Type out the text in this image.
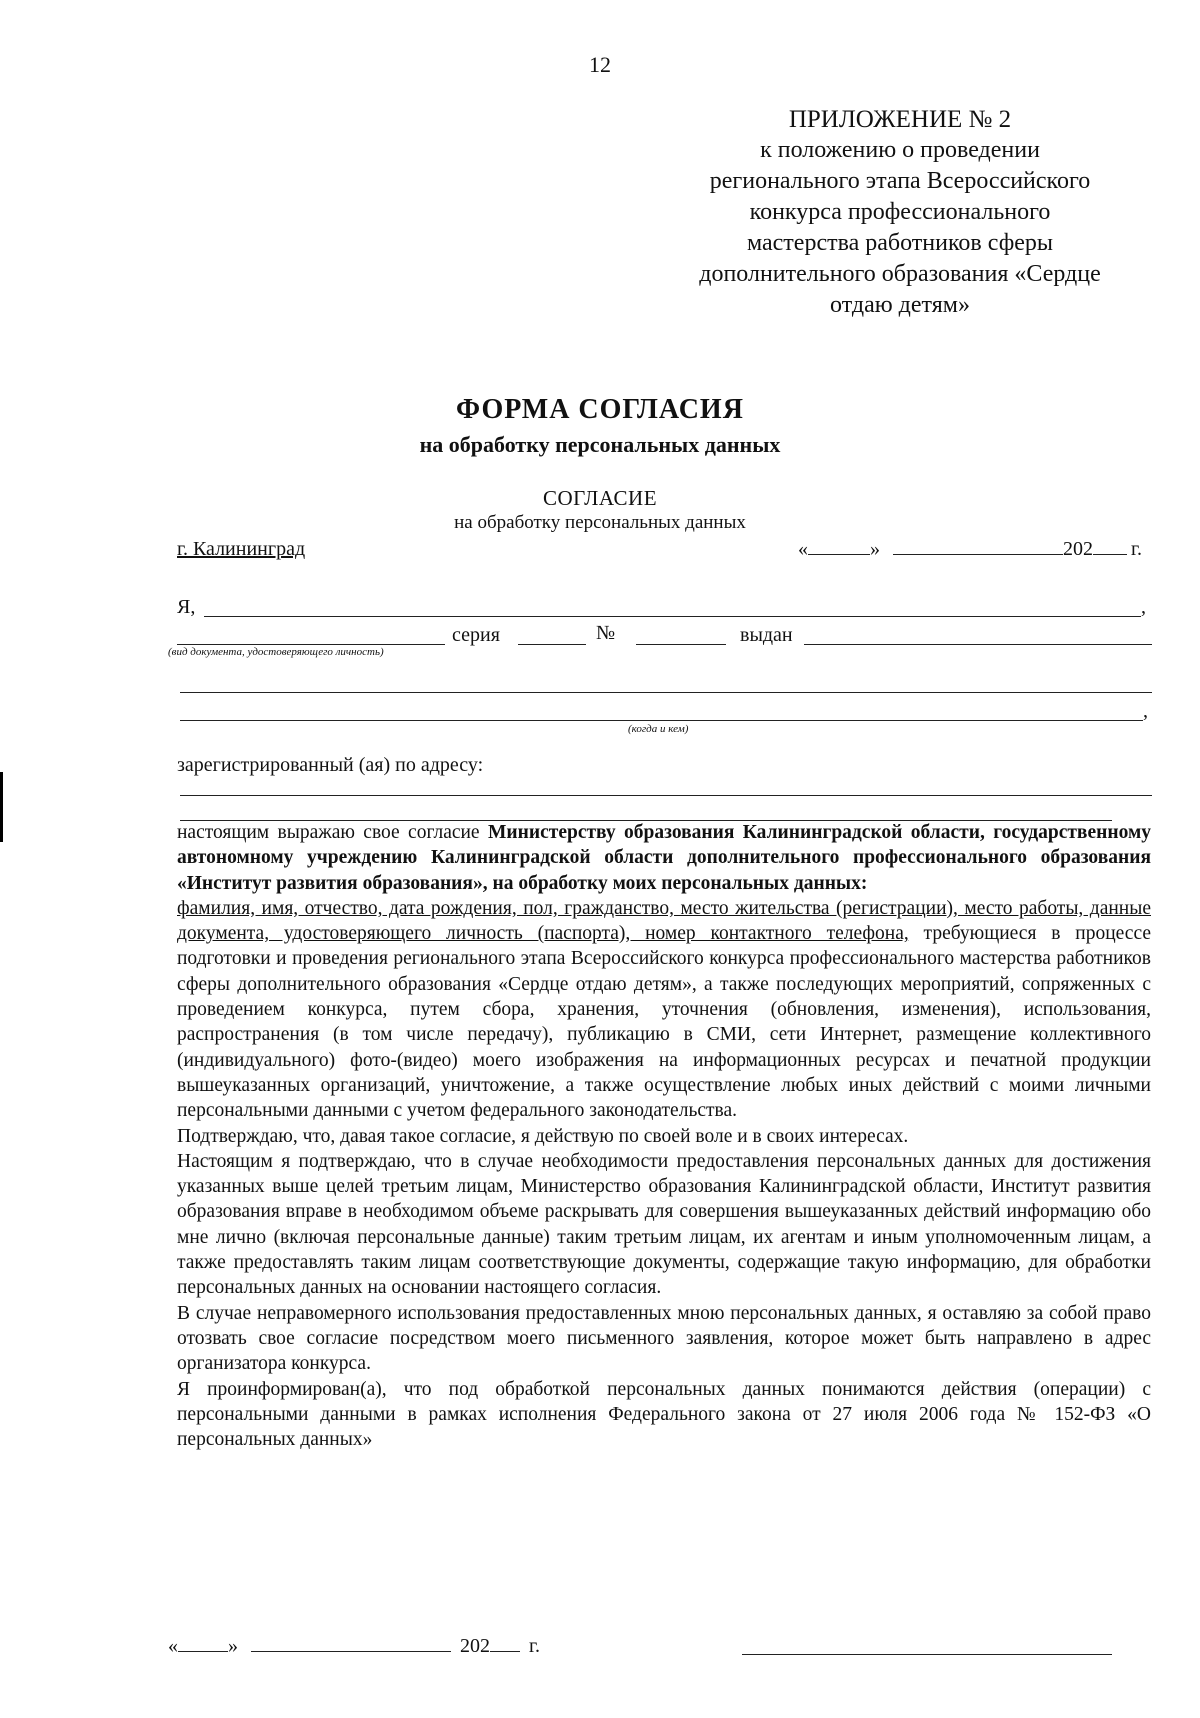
12
ПРИЛОЖЕНИЕ № 2
к положению о проведении
регионального этапа Всероссийского
конкурса профессионального
мастерства работников сферы
дополнительного образования «Сердце
отдаю детям»
ФОРМА СОГЛАСИЯ
на обработку персональных данных
СОГЛАСИЕ
на обработку персональных данных
г. Калининград	«	»	202 г.
Я,	,
серия	№	выдан
(вид документа, удостоверяющего личность)
,
(когда и кем)
зарегистрированный (ая) по адресу:

настоящим выражаю свое согласие Министерству образования Калининградской области, государственному автономному учреждению Калининградской области дополнительного профессионального образования «Институт развития образования», на обработку моих персональных данных:

фамилия, имя, отчество, дата рождения, пол, гражданство, место жительства (регистрации), место работы, данные документа, удостоверяющего личность (паспорта), номер контактного телефона, требующиеся в процессе подготовки и проведения регионального этапа Всероссийского конкурса профессионального мастерства работников сферы дополнительного образования «Сердце отдаю детям», а также последующих мероприятий, сопряженных с проведением конкурса, путем сбора, хранения, уточнения (обновления, изменения), использования, распространения (в том числе передачу), публикацию в СМИ, сети Интернет, размещение коллективного (индивидуального) фото-(видео) моего изображения на информационных ресурсах и печатной продукции вышеуказанных организаций, уничтожение, а также осуществление любых иных действий с моими личными персональными данными с учетом федерального законодательства.

Подтверждаю, что, давая такое согласие, я действую по своей воле и в своих интересах.

Настоящим я подтверждаю, что в случае необходимости предоставления персональных данных для достижения указанных выше целей третьим лицам, Министерство образования Калининградской области, Институт развития образования вправе в необходимом объеме раскрывать для совершения вышеуказанных действий информацию обо мне лично (включая персональные данные) таким третьим лицам, их агентам и иным уполномоченным лицам, а также предоставлять таким лицам соответствующие документы, содержащие такую информацию, для обработки персональных данных на основании настоящего согласия.

В случае неправомерного использования предоставленных мною персональных данных, я оставляю за собой право отозвать свое согласие посредством моего письменного заявления, которое может быть направлено в адрес организатора конкурса.

Я проинформирован(а), что под обработкой персональных данных понимаются действия (операции) с персональными данными в рамках исполнения Федерального закона от 27 июля 2006 года № 152-ФЗ «О персональных данных»

«	»	202 г.
